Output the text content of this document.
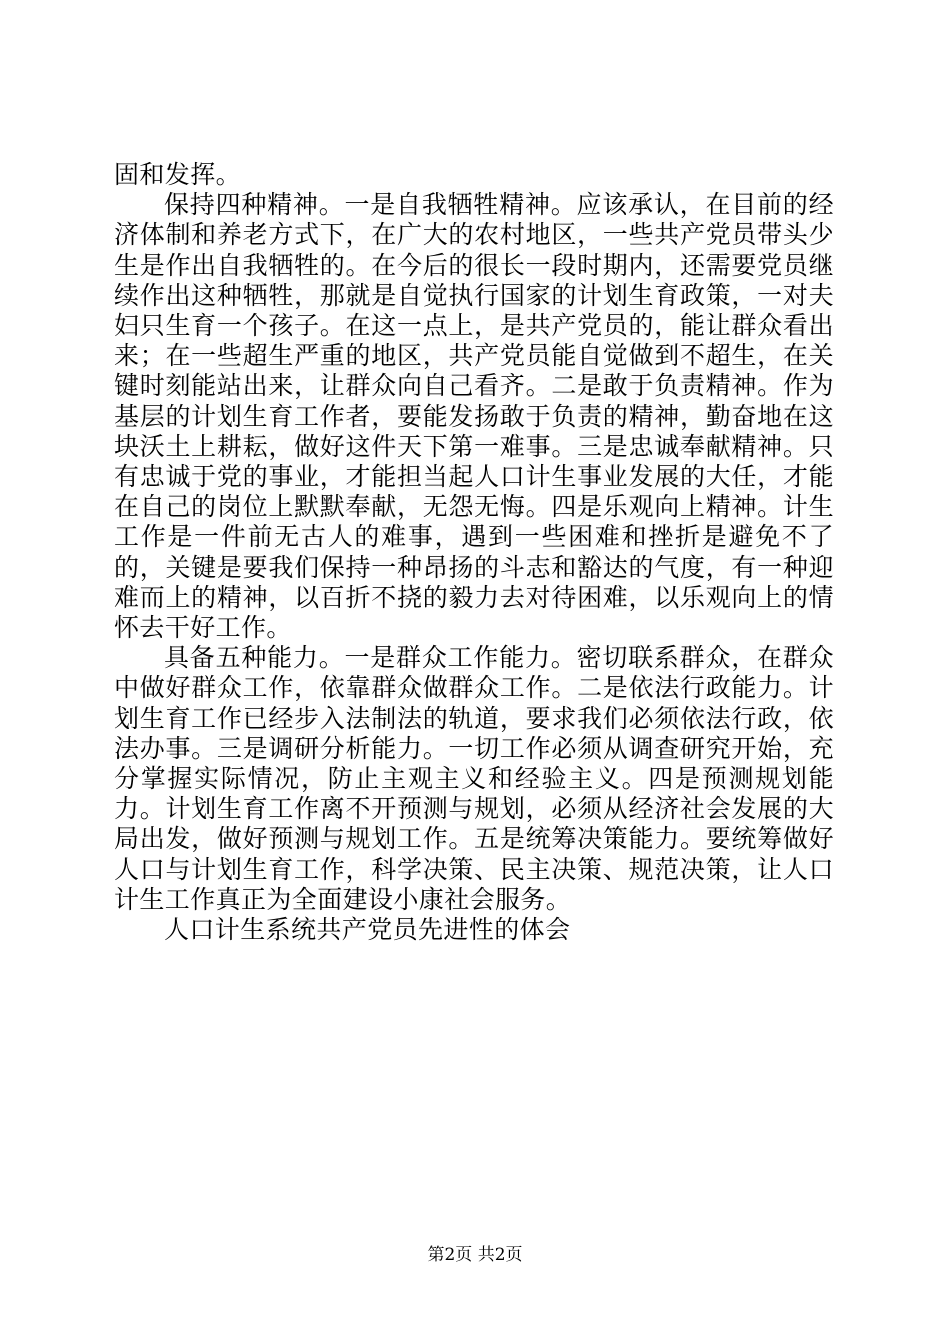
固和发挥。

保持四种精神。一是自我牺牲精神。应该承认，在目前的经济体制和养老方式下，在广大的农村地区，一些共产党员带头少生是作出自我牺牲的。在今后的很长一段时期内，还需要党员继续作出这种牺牲，那就是自觉执行国家的计划生育政策，一对夫妇只生育一个孩子。在这一点上，是共产党员的，能让群众看出来；在一些超生严重的地区，共产党员能自觉做到不超生，在关键时刻能站出来，让群众向自己看齐。二是敢于负责精神。作为基层的计划生育工作者，要能发扬敢于负责的精神，勤奋地在这块沃土上耕耘，做好这件天下第一难事。三是忠诚奉献精神。只有忠诚于党的事业，才能担当起人口计生事业发展的大任，才能在自己的岗位上默默奉献，无怨无悔。四是乐观向上精神。计生工作是一件前无古人的难事，遇到一些困难和挫折是避免不了的，关键是要我们保持一种昂扬的斗志和豁达的气度，有一种迎难而上的精神，以百折不挠的毅力去对待困难，以乐观向上的情怀去干好工作。

具备五种能力。一是群众工作能力。密切联系群众，在群众中做好群众工作，依靠群众做群众工作。二是依法行政能力。计划生育工作已经步入法制法的轨道，要求我们必须依法行政，依法办事。三是调研分析能力。一切工作必须从调查研究开始，充分掌握实际情况，防止主观主义和经验主义。四是预测规划能力。计划生育工作离不开预测与规划，必须从经济社会发展的大局出发，做好预测与规划工作。五是统筹决策能力。要统筹做好人口与计划生育工作，科学决策、民主决策、规范决策，让人口计生工作真正为全面建设小康社会服务。

人口计生系统共产党员先进性的体会

第2页 共2页
